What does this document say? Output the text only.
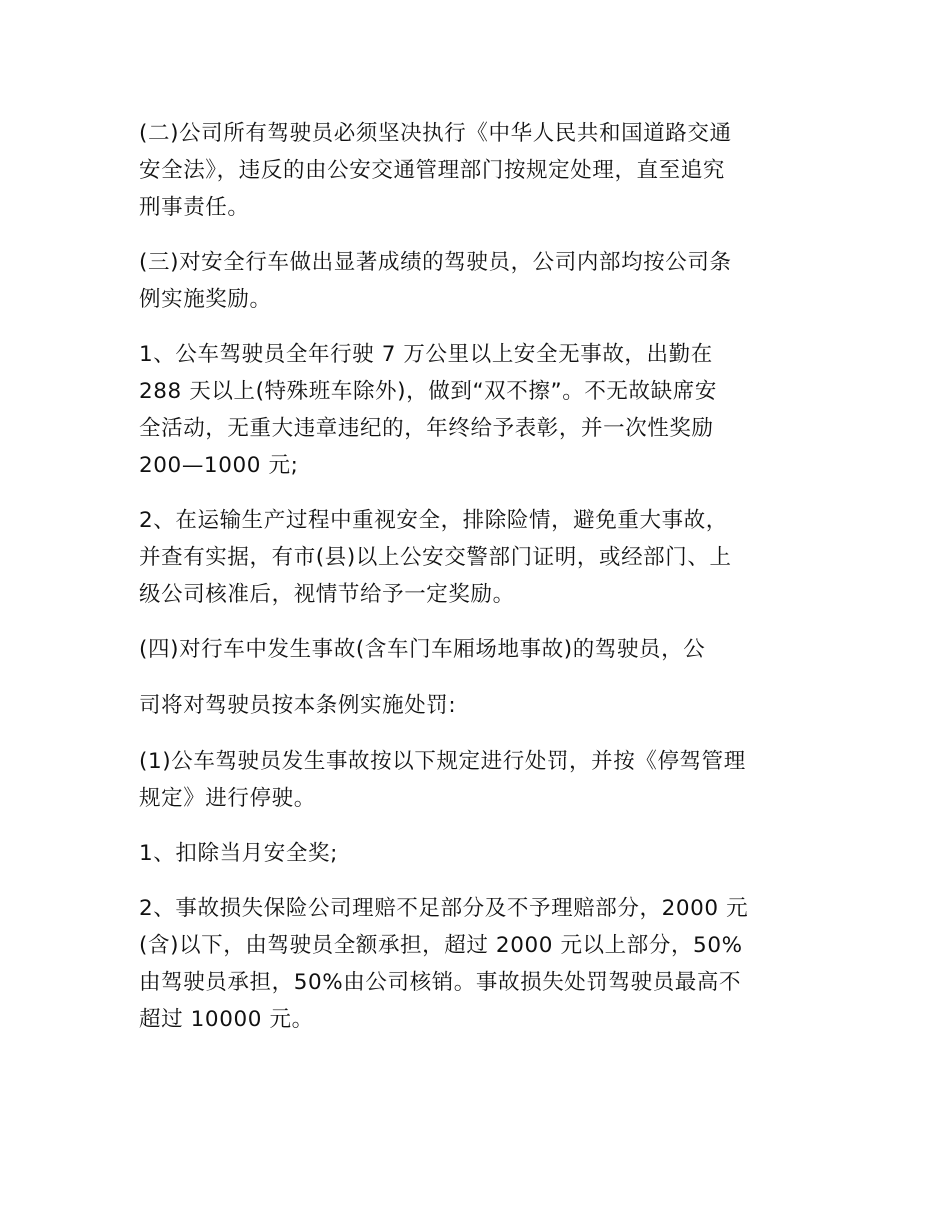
(二)公司所有驾驶员必须坚决执行《中华人民共和国道路交通
安全法》，违反的由公安交通管理部门按规定处理，直至追究
刑事责任。

(三)对安全行车做出显著成绩的驾驶员，公司内部均按公司条
例实施奖励。

1、公车驾驶员全年行驶 7 万公里以上安全无事故，出勤在
288 天以上(特殊班车除外)，做到“双不擦”。不无故缺席安
全活动，无重大违章违纪的，年终给予表彰，并一次性奖励
200—1000 元;

2、在运输生产过程中重视安全，排除险情，避免重大事故，
并查有实据，有市(县)以上公安交警部门证明，或经部门、上
级公司核准后，视情节给予一定奖励。

(四)对行车中发生事故(含车门车厢场地事故)的驾驶员，公

司将对驾驶员按本条例实施处罚:

(1)公车驾驶员发生事故按以下规定进行处罚，并按《停驾管理
规定》进行停驶。

1、扣除当月安全奖;

2、事故损失保险公司理赔不足部分及不予理赔部分，2000 元
(含)以下，由驾驶员全额承担，超过 2000 元以上部分，50%
由驾驶员承担，50%由公司核销。事故损失处罚驾驶员最高不
超过 10000 元。
